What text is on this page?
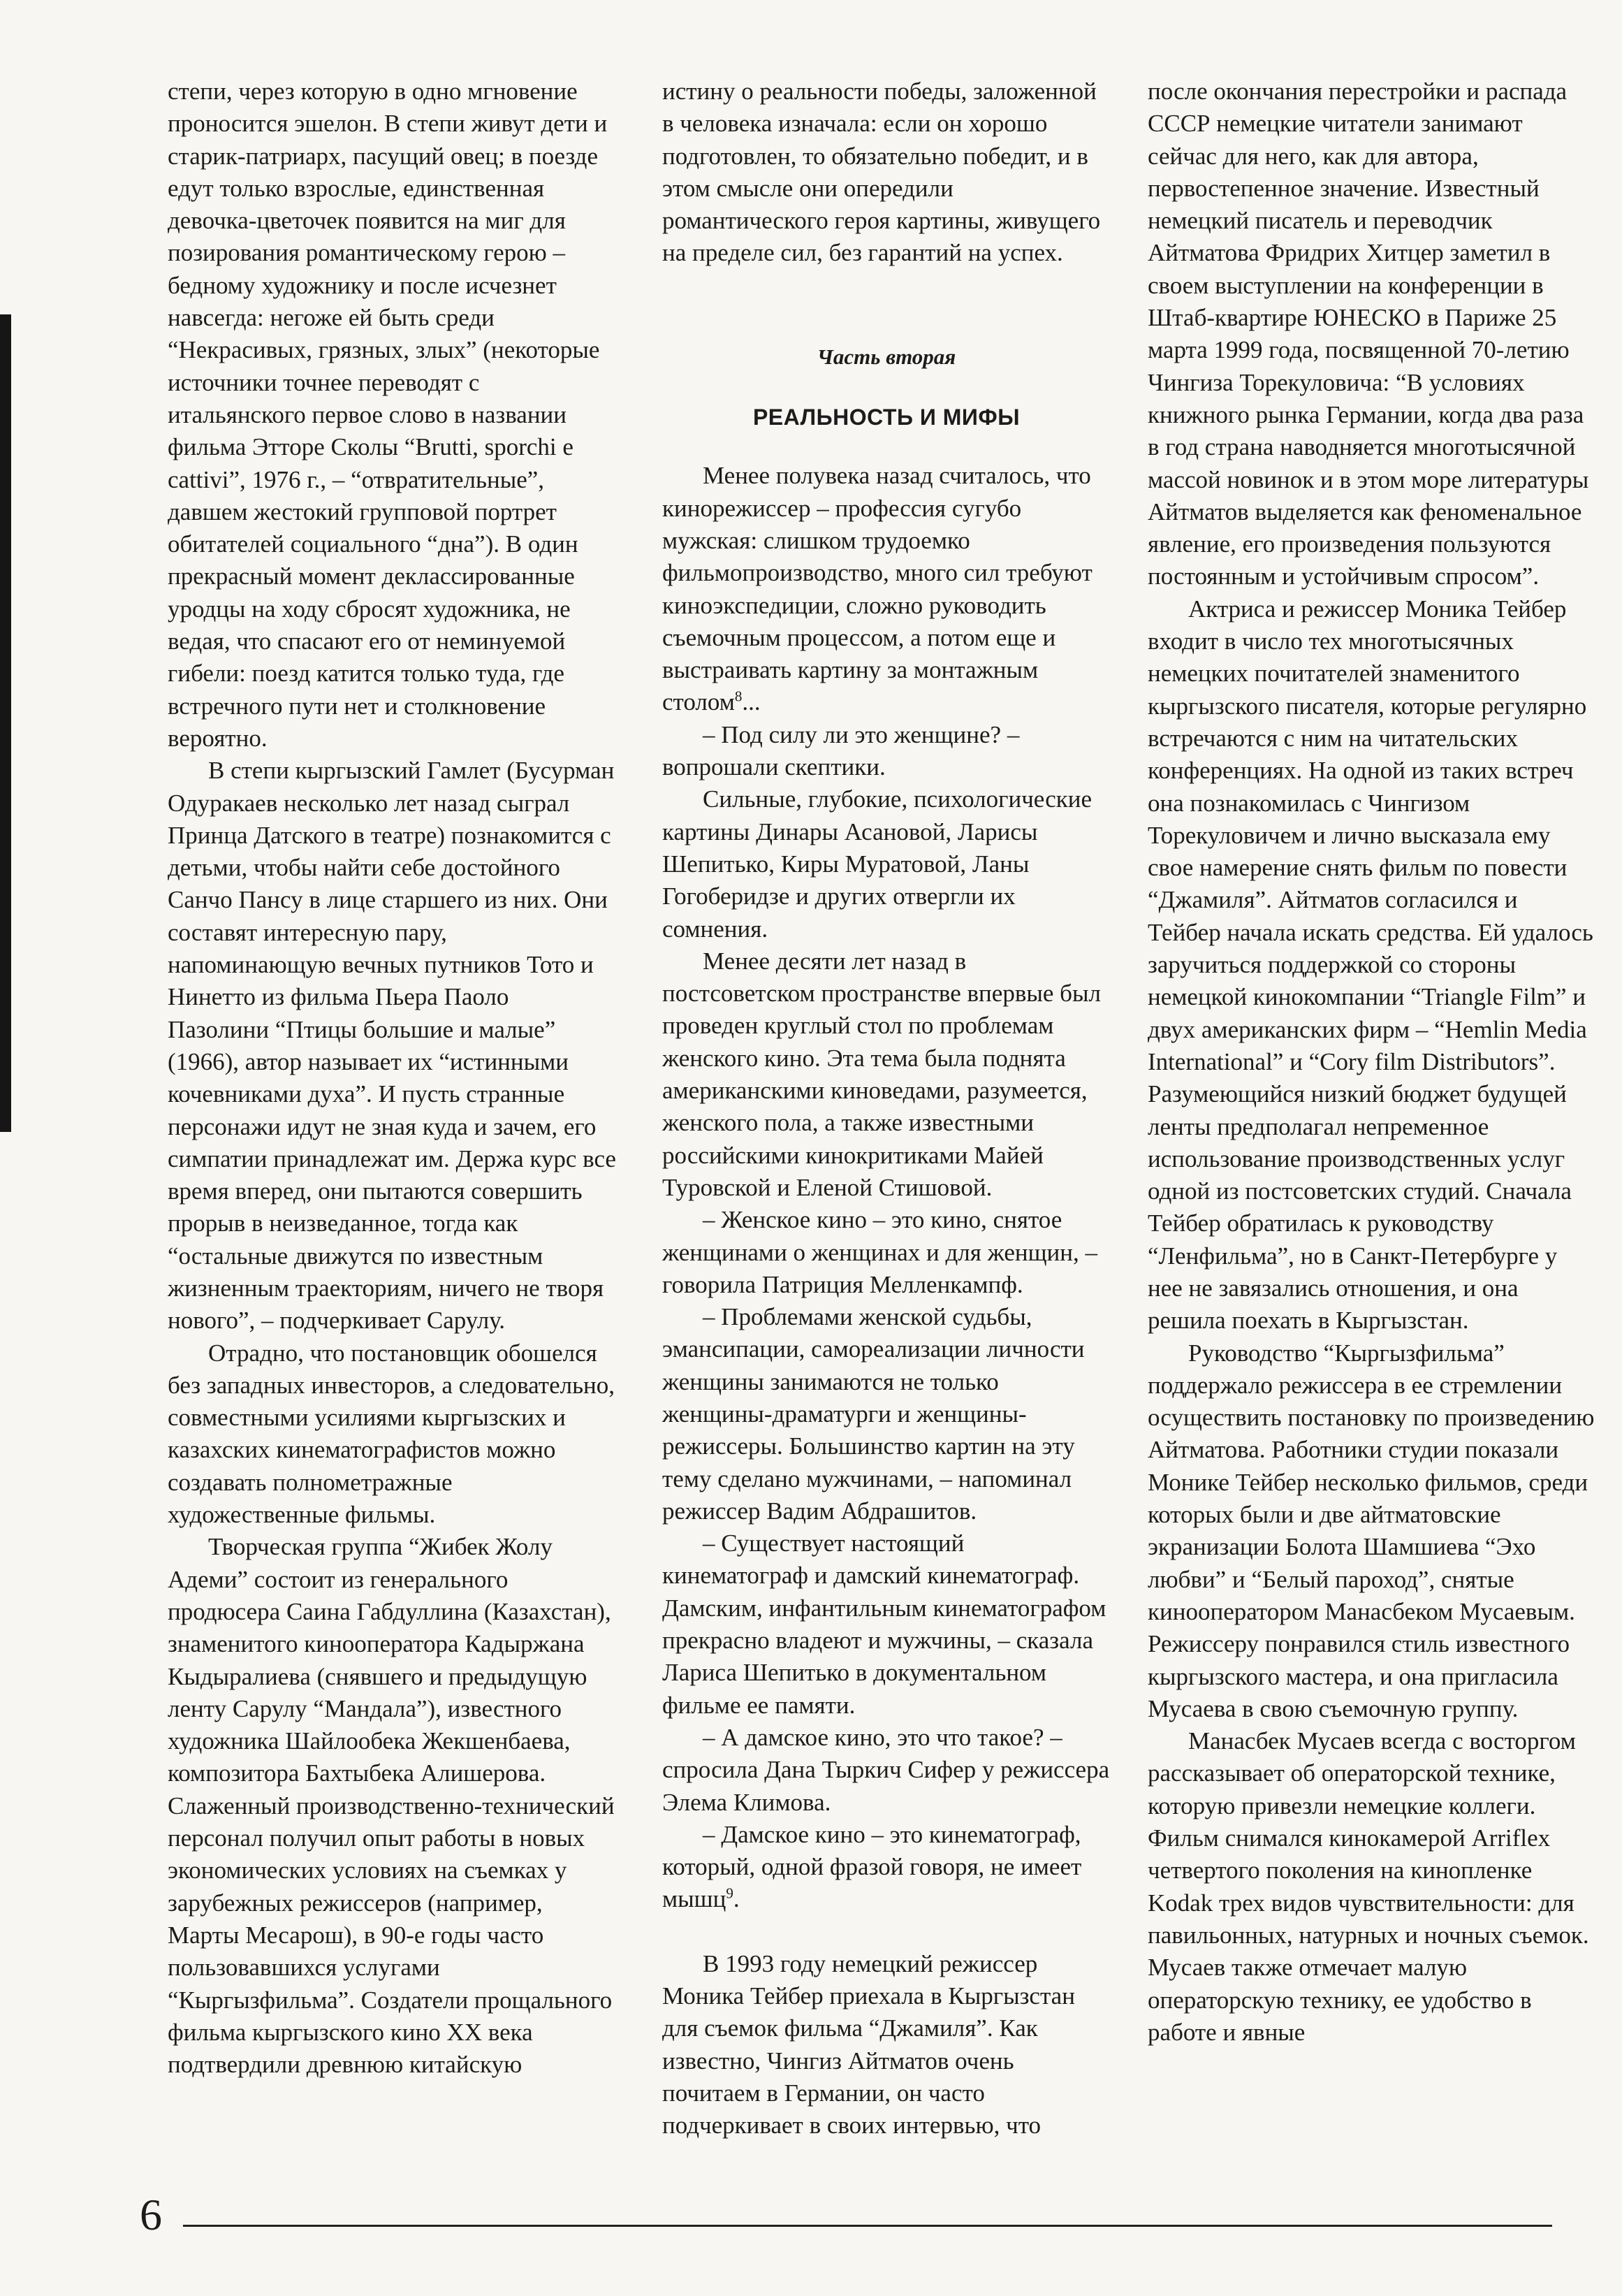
степи, через которую в одно мгновение проносится эшелон. В степи живут дети и старик-патриарх, пасущий овец; в поезде едут только взрослые, единственная девочка-цветочек появится на миг для позирования романтическому герою – бедному художнику и после исчезнет навсегда: негоже ей быть среди “Некрасивых, грязных, злых” (некоторые источники точнее переводят с итальянского первое слово в названии фильма Этторе Сколы “Brutti, sporchi e cattivi”, 1976 г., – “отвратительные”, давшем жестокий групповой портрет обитателей социального “дна”). В один прекрасный момент деклассированные уродцы на ходу сбросят художника, не ведая, что спасают его от неминуемой гибели: поезд катится только туда, где встречного пути нет и столкновение вероятно.

В степи кыргызский Гамлет (Бусурман Одуракаев несколько лет назад сыграл Принца Датского в театре) познакомится с детьми, чтобы найти себе достойного Санчо Пансу в лице старшего из них. Они составят интересную пару, напоминающую вечных путников Тото и Нинетто из фильма Пьера Паоло Пазолини “Птицы большие и малые” (1966), автор называет их “истинными кочевниками духа”. И пусть странные персонажи идут не зная куда и зачем, его симпатии принадлежат им. Держа курс все время вперед, они пытаются совершить прорыв в неизведанное, тогда как “остальные движутся по известным жизненным траекториям, ничего не творя нового”, – подчеркивает Сарулу.

Отрадно, что постановщик обошелся без западных инвесторов, а следовательно, совместными усилиями кыргызских и казахских кинематографистов можно создавать полнометражные художественные фильмы.

Творческая группа “Жибек Жолу Адеми” состоит из генерального продюсера Саина Габдуллина (Казахстан), знаменитого кинооператора Кадыржана Кыдыралиева (снявшего и предыдущую ленту Сарулу “Мандала”), известного художника Шайлообека Жекшенбаева, композитора Бахтыбека Алишерова. Слаженный производственно-технический персонал получил опыт работы в новых экономических условиях на съемках у зарубежных режиссеров (например, Марты Месарош), в 90-е годы часто пользовавшихся услугами “Кыргызфильма”. Создатели прощального фильма кыргызского кино XX века подтвердили древнюю китайскую

истину о реальности победы, заложенной в человека изначала: если он хорошо подготовлен, то обязательно победит, и в этом смысле они опередили романтического героя картины, живущего на пределе сил, без гарантий на успех.

Часть вторая

РЕАЛЬНОСТЬ И МИФЫ

Менее полувека назад считалось, что кинорежиссер – профессия сугубо мужская: слишком трудоемко фильмопроизводство, много сил требуют киноэкспедиции, сложно руководить съемочным процессом, а потом еще и выстраивать картину за монтажным столом$^8$...

– Под силу ли это женщине? – вопрошали скептики.

Сильные, глубокие, психологические картины Динары Асановой, Ларисы Шепитько, Киры Муратовой, Ланы Гогоберидзе и других отвергли их сомнения.

Менее десяти лет назад в постсоветском пространстве впервые был проведен круглый стол по проблемам женского кино. Эта тема была поднята американскими киноведами, разумеется, женского пола, а также известными российскими кинокритиками Майей Туровской и Еленой Стишовой.

– Женское кино – это кино, снятое женщинами о женщинах и для женщин, – говорила Патриция Мелленкампф.

– Проблемами женской судьбы, эмансипации, самореализации личности женщины занимаются не только женщины-драматурги и женщины-режиссеры. Большинство картин на эту тему сделано мужчинами, – напоминал режиссер Вадим Абдрашитов.

– Существует настоящий кинематограф и дамский кинематограф. Дамским, инфантильным кинематографом прекрасно владеют и мужчины, – сказала Лариса Шепитько в документальном фильме ее памяти.

– А дамское кино, это что такое? – спросила Дана Тыркич Сифер у режиссера Элема Климова.

– Дамское кино – это кинематограф, который, одной фразой говоря, не имеет мышц$^9$.

В 1993 году немецкий режиссер Моника Тейбер приехала в Кыргызстан для съемок фильма “Джамиля”. Как известно, Чингиз Айтматов очень почитаем в Германии, он часто подчеркивает в своих интервью, что

после окончания перестройки и распада СССР немецкие читатели занимают сейчас для него, как для автора, первостепенное значение. Известный немецкий писатель и переводчик Айтматова Фридрих Хитцер заметил в своем выступлении на конференции в Штаб-квартире ЮНЕСКО в Париже 25 марта 1999 года, посвященной 70-летию Чингиза Торекуловича: “В условиях книжного рынка Германии, когда два раза в год страна наводняется многотысячной массой новинок и в этом море литературы Айтматов выделяется как феноменальное явление, его произведения пользуются постоянным и устойчивым спросом”.

Актриса и режиссер Моника Тейбер входит в число тех многотысячных немецких почитателей знаменитого кыргызского писателя, которые регулярно встречаются с ним на читательских конференциях. На одной из таких встреч она познакомилась с Чингизом Торекуловичем и лично высказала ему свое намерение снять фильм по повести “Джамиля”. Айтматов согласился и Тейбер начала искать средства. Ей удалось заручиться поддержкой со стороны немецкой кинокомпании “Triangle Film” и двух американских фирм – “Hemlin Media International” и “Cory film Distributors”. Разумеющийся низкий бюджет будущей ленты предполагал непременное использование производственных услуг одной из постсоветских студий. Сначала Тейбер обратилась к руководству “Ленфильма”, но в Санкт-Петербурге у нее не завязались отношения, и она решила поехать в Кыргызстан.

Руководство “Кыргызфильма” поддержало режиссера в ее стремлении осуществить постановку по произведению Айтматова. Работники студии показали Монике Тейбер несколько фильмов, среди которых были и две айтматовские экранизации Болота Шамшиева “Эхо любви” и “Белый пароход”, снятые кинооператором Манасбеком Мусаевым. Режиссеру понравился стиль известного кыргызского мастера, и она пригласила Мусаева в свою съемочную группу.

Манасбек Мусаев всегда с восторгом рассказывает об операторской технике, которую привезли немецкие коллеги. Фильм снимался кинокамерой Arriflex четвертого поколения на кинопленке Kodak трех видов чувствительности: для павильонных, натурных и ночных съемок. Мусаев также отмечает малую операторскую технику, ее удобство в работе и явные

6
